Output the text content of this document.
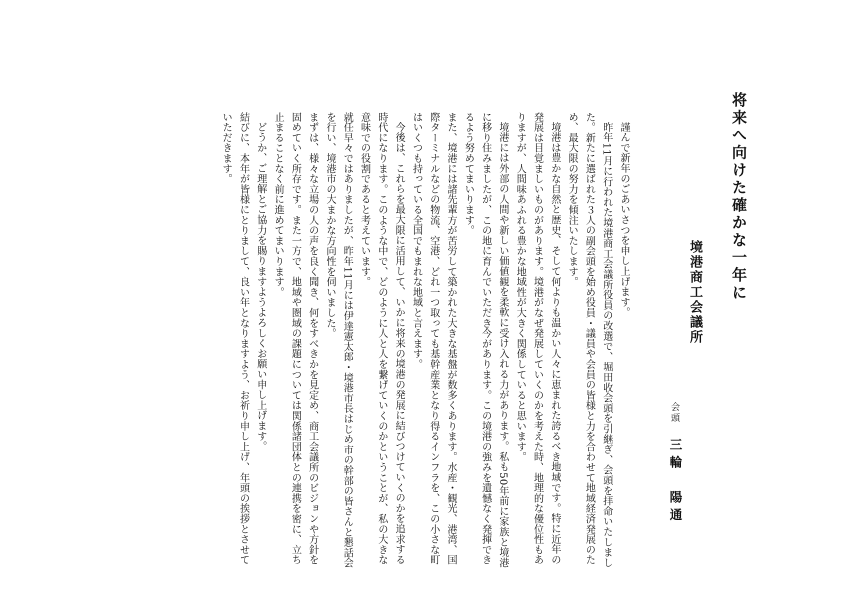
将来へ向けた確かな一年に
境港商工会議所
会頭
三輪　陽通

謹んで新年のごあいさつを申し上げます。

昨年11月に行われた境港商工会議所役員の改選で、堀田收会頭を引継ぎ、会頭を拝命いたしました。新たに選ばれた３人の副会頭を始め役員・議員や会員の皆様と力を合わせて地域経済発展のため、最大限の努力を傾注いたします。

境港は豊かな自然と歴史、そして何よりも温かい人々に恵まれた誇るべき地域です。特に近年の発展は目覚ましいものがあります。境港がなぜ発展していくのかを考えた時、地理的な優位性もありますが、人間味あふれる豊かな地域性が大きく関係していると思います。

境港には外部の人間や新しい価値観を柔軟に受け入れる力があります。私も50年前に家族と境港に移り住みましたが、この地に育んでいただき今があります。この境港の強みを遺憾なく発揮できるよう努めてまいります。

また、境港には諸先輩方が苦労して築かれた大きな基盤が数多くあります。水産・観光、港湾、国際ターミナルなどの物流、空港、どれ一つ取っても基幹産業となり得るインフラを、この小さな町はいくつも持っている全国でもまれな地域と言えます。

今後は、これらを最大限に活用して、いかに将来の境港の発展に結びつけていくのかを追求する時代になります。このような中で、どのように人と人を繋げていくのかということが、私の大きな意味での役割であると考えています。

就任早々ではありましたが、昨年11月には伊達憲太郎・境港市長はじめ市の幹部の皆さんと懇話会を行い、境港市の大まかな方向性を伺いました。

まずは、様々な立場の人の声を良く聞き、何をすべきかを見定め、商工会議所のビジョンや方針を固めていく所存です。また一方で、地域や圏域の課題については関係諸団体との連携を密に、立ち止まることなく前に進めてまいります。

どうか、ご理解とご協力を賜りますようよろしくお願い申し上げます。

結びに、本年が皆様にとりまして、良い年となりますよう、お祈り申し上げ、年頭の挨拶とさせていただきます。
